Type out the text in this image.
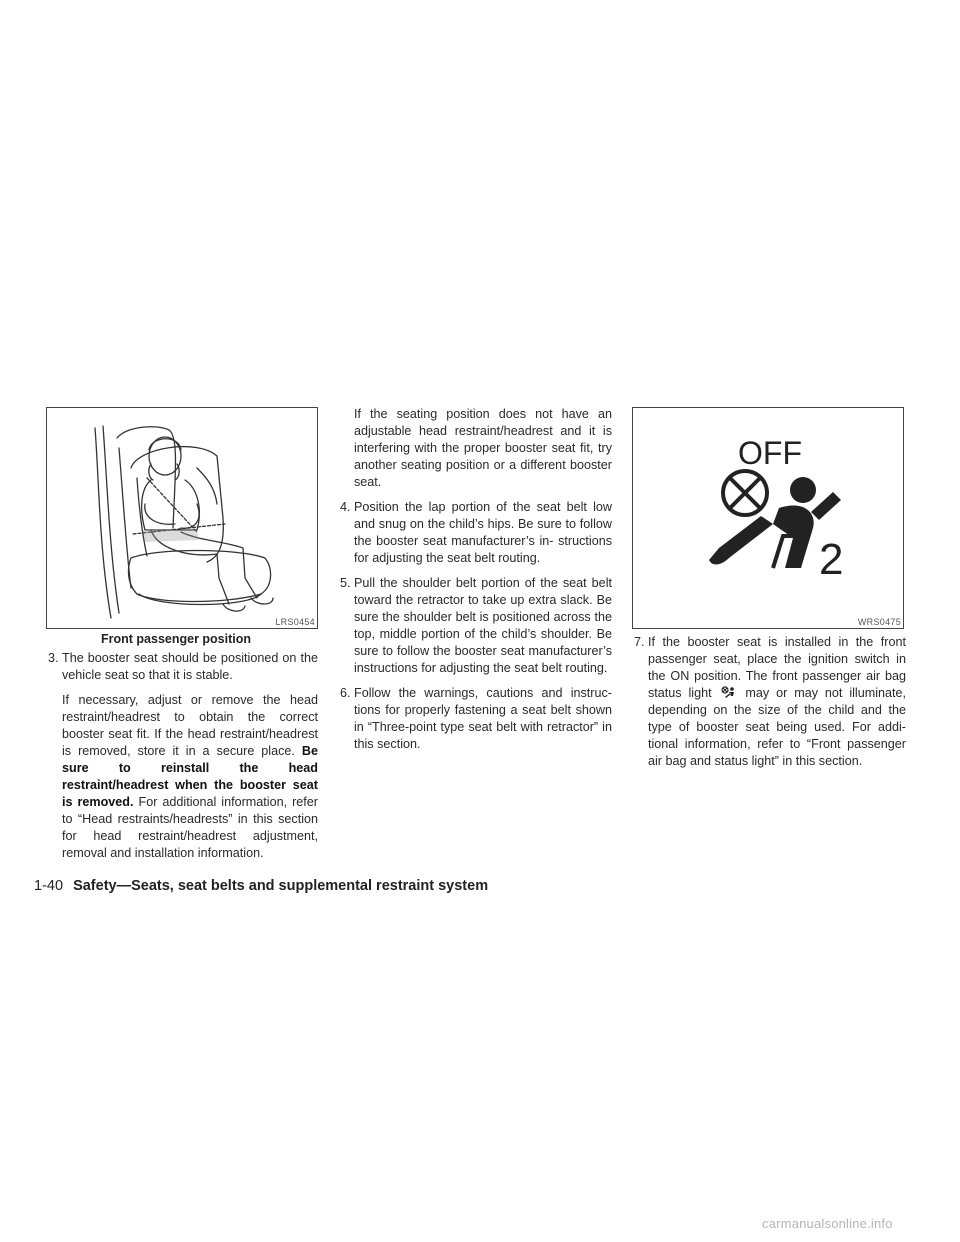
LRS0454
Front passenger position
OFF
2
WRS0475
3. The booster seat should be positioned on the vehicle seat so that it is stable.

If necessary, adjust or remove the head restraint/headrest to obtain the correct booster seat fit. If the head restraint/headrest is removed, store it in a secure place. Be sure to reinstall the head restraint/headrest when the booster seat is removed. For additional information, refer to “Head restraints/headrests” in this section for head restraint/headrest adjustment, removal and installation information.

If the seating position does not have an adjustable head restraint/headrest and it is interfering with the proper booster seat fit, try another seating position or a different booster seat.

4. Position the lap portion of the seat belt low and snug on the child’s hips. Be sure to follow the booster seat manufacturer’s in- structions for adjusting the seat belt routing.
5. Pull the shoulder belt portion of the seat belt toward the retractor to take up extra slack. Be sure the shoulder belt is positioned across the top, middle portion of the child’s shoulder. Be sure to follow the booster seat manufacturer’s instructions for adjusting the seat belt routing.
6. Follow the warnings, cautions and instruc- tions for properly fastening a seat belt shown in “Three-point type seat belt with retractor” in this section.
7. If the booster seat is installed in the front passenger seat, place the ignition switch in the ON position. The front passenger air bag status light	may or may not illuminate, depending on the size of the child and the type of booster seat being used. For addi- tional information, refer to “Front passenger air bag and status light” in this section.
1-40 Safety—Seats, seat belts and supplemental restraint system
carmanualsonline.info
